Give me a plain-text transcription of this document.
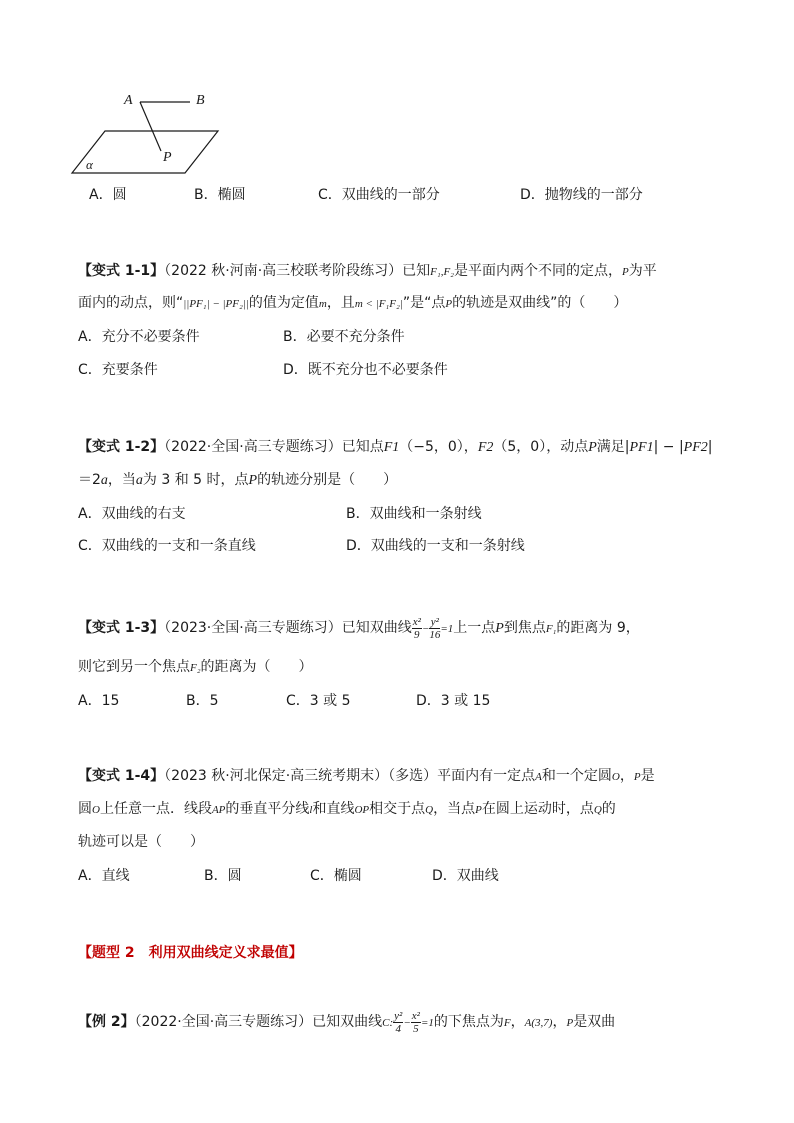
A	B
P
α
A．圆	B．椭圆	C．双曲线的一部分	D．抛物线的一部分
【变式 1-1】（2022 秋·河南·高三校联考阶段练习）已知F₁,F₂是平面内两个不同的定点，P为平
面内的动点，则“||PF₁| − |PF₂||的值为定值m，且m < |F₁F₂|”是“点P的轨迹是双曲线”的（　　）
A．充分不必要条件	B．必要不充分条件
C．充要条件	D．既不充分也不必要条件
【变式 1-2】（2022·全国·高三专题练习）已知点F1（−5，0），F2（5，0），动点P满足|PF1| − |PF2|
＝2a，当a为 3 和 5 时，点P的轨迹分别是（　　）
A．双曲线的右支	B．双曲线和一条射线
C．双曲线的一支和一条直线	D．双曲线的一支和一条射线
【变式 1-3】（2023·全国·高三专题练习）已知双曲线 $\frac{\text{x²}}{9} - \frac{\text{y²}}{16} =1$上一点P到焦点F₁的距离为 9，
则它到另一个焦点F₂的距离为（　　）
A．15	B．5	C．3 或 5	D．3 或 15
【变式 1-4】（2023 秋·河北保定·高三统考期末）（多选）平面内有一定点A和一个定圆O，P是
圆O上任意一点．线段AP的垂直平分线l和直线OP相交于点Q，当点P在圆上运动时，点Q的
轨迹可以是（　　）
A．直线	B．圆	C．椭圆	D．双曲线
【题型 2　利用双曲线定义求最值】
【例 2】（2022·全国·高三专题练习）已知双曲线C: $\frac{\text{y²}}{4} - \frac{\text{x²}}{5} =1$的下焦点为F，A(3,7)，P是双曲
